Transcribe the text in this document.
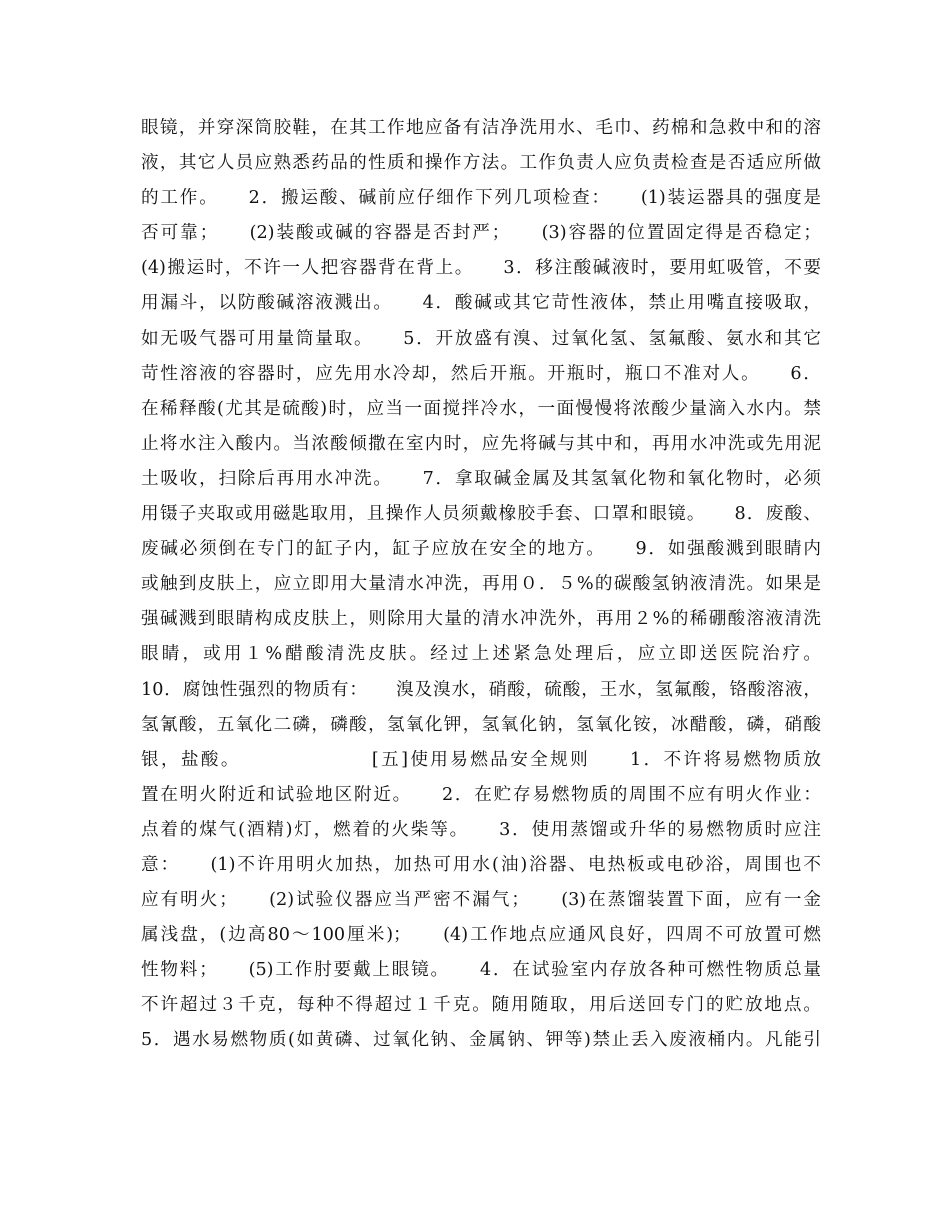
眼镜，并穿深筒胶鞋，在其工作地应备有洁净洗用水、毛巾、药棉和急救中和的溶
液，其它人员应熟悉药品的性质和操作方法。工作负责人应负责检查是否适应所做
的工作。　　2．搬运酸、碱前应仔细作下列几项检查：　　(1)装运器具的强度是
否可靠；　　(2)装酸或碱的容器是否封严；　　(3)容器的位置固定得是否稳定；
(4)搬运时，不许一人把容器背在背上。　　3．移注酸碱液时，要用虹吸管，不要
用漏斗，以防酸碱溶液溅出。　　4．酸碱或其它苛性液体，禁止用嘴直接吸取，
如无吸气器可用量筒量取。　　5．开放盛有溴、过氧化氢、氢氟酸、氨水和其它
苛性溶液的容器时，应先用水冷却，然后开瓶。开瓶时，瓶口不准对人。　　6．
在稀释酸(尤其是硫酸)时，应当一面搅拌冷水，一面慢慢将浓酸少量滴入水内。禁
止将水注入酸内。当浓酸倾撒在室内时，应先将碱与其中和，再用水冲洗或先用泥
土吸收，扫除后再用水冲洗。　　7．拿取碱金属及其氢氧化物和氧化物时，必须
用镊子夹取或用磁匙取用，且操作人员须戴橡胶手套、口罩和眼镜。　　8．废酸、
废碱必须倒在专门的缸子内，缸子应放在安全的地方。　　9．如强酸溅到眼睛内
或触到皮肤上，应立即用大量清水冲洗，再用０．５%的碳酸氢钠液清洗。如果是
强碱溅到眼睛构成皮肤上，则除用大量的清水冲洗外，再用２%的稀硼酸溶液清洗
眼睛，或用１%醋酸清洗皮肤。经过上述紧急处理后，应立即送医院治疗。
10．腐蚀性强烈的物质有：　　溴及溴水，硝酸，硫酸，王水，氢氟酸，铬酸溶液，
氢氰酸，五氧化二磷，磷酸，氢氧化钾，氢氧化钠，氢氧化铵，冰醋酸，磷，硝酸
银，盐酸。　　　　　　　[五]使用易燃品安全规则　　1．不许将易燃物质放
置在明火附近和试验地区附近。　　2．在贮存易燃物质的周围不应有明火作业：
点着的煤气(酒精)灯，燃着的火柴等。　　3．使用蒸馏或升华的易燃物质时应注
意：　　(1)不许用明火加热，加热可用水(油)浴器、电热板或电砂浴，周围也不
应有明火；　　(2)试验仪器应当严密不漏气；　　(3)在蒸馏装置下面，应有一金
属浅盘，(边高80～100厘米)；　　(4)工作地点应通风良好，四周不可放置可燃
性物料；　　(5)工作肘要戴上眼镜。　　4．在试验室内存放各种可燃性物质总量
不许超过３千克，每种不得超过１千克。随用随取，用后送回专门的贮放地点。
5．遇水易燃物质(如黄磷、过氧化钠、金属钠、钾等)禁止丢入废液桶内。凡能引
